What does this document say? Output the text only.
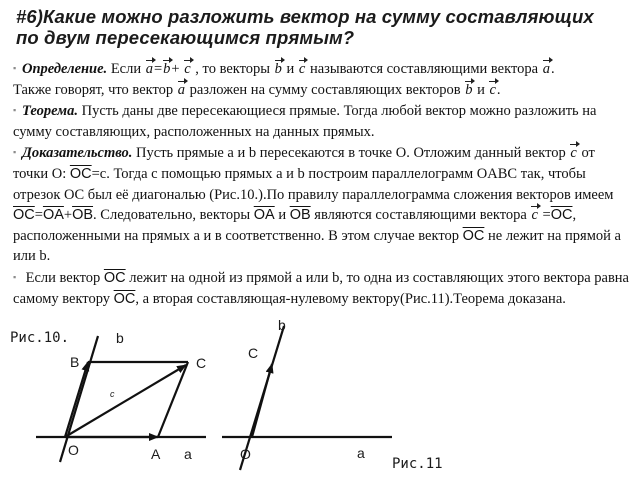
#6)Какие можно разложить вектор на сумму составляющих по двум пересекающимся прямым?

▪ Определение. Если a=b+ c , то векторы b и c называются составляющими вектора a.
Также говорят, что вектор a разложен на сумму составляющих векторов b и c.

▪ Теорема. Пусть даны две пересекающиеся прямые. Тогда любой вектор можно разложить на сумму составляющих, расположенных на данных прямых.

▪ Доказательство. Пусть прямые a и b пересекаются в точке O. Отложим данный вектор c от точки O: $\overline{OC}=c$. Тогда с помощью прямых a и b построим параллелограмм OABC так, чтобы отрезок OC был её диагональю (Рис.10.).По правилу параллелограмма сложения векторов имеем $\overline{OC}=\overline{OA}+\overline{OB}$. Следовательно, векторы $\overline{OA}$ и $\overline{OB}$ являются составляющими вектора $c =\overline{OC}$, расположенными на прямых a и в соответственно. В этом случае вектор $\overline{OC}$ не лежит на прямой a или b.

▪ Если вектор $\overline{OC}$ лежит на одной из прямой a или b, то одна из составляющих этого вектора равна самому вектору $\overline{OC}$, а вторая составляющая-нулевому вектору(Рис.11).Теорема доказана.

Рис.10.	b
B	C
c
O	A a
b
C
O	a
Рис.11
